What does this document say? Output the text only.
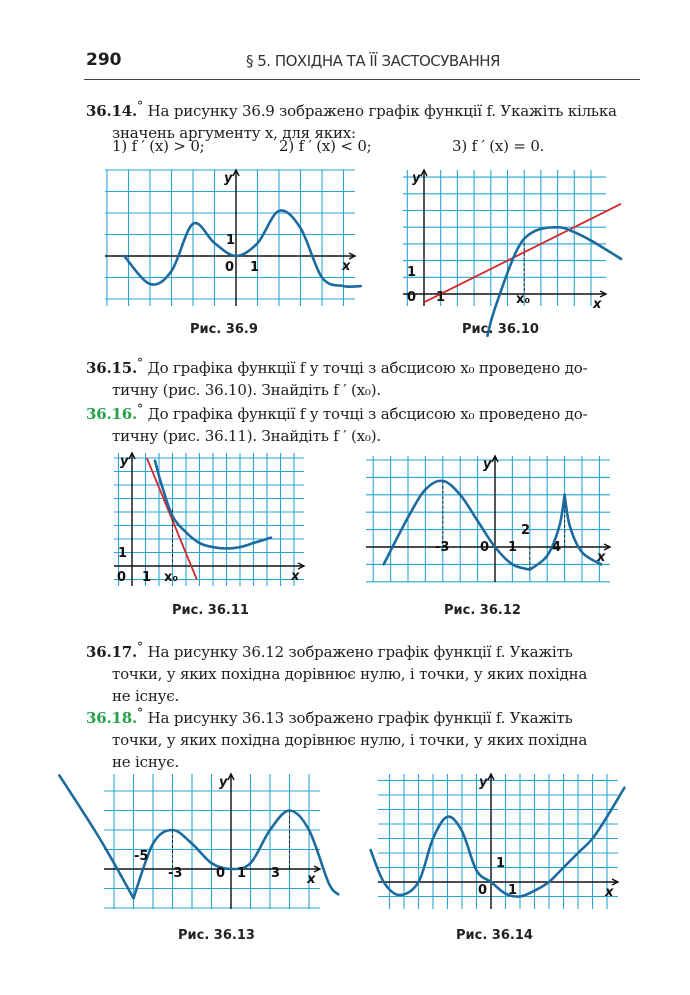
290	§ 5. ПОХІДНА ТА ЇЇ ЗАСТОСУВАННЯ
36.14.° На рисунку 36.9 зображено графік функції f. Укажіть кілька
значень аргументу x, для яких:
1) f ′ (x) > 0;	2) f ′ (x) < 0;	3) f ′ (x) = 0.
x
y
0 1
1
Рис. 36.9
x
y
0 1
1
x₀
Рис. 36.10
36.15.° До графіка функції f у точці з абсцисою x₀ проведено до-
тичну (рис. 36.10). Знайдіть f ′ (x₀).
36.16.° До графіка функції f у точці з абсцисою x₀ проведено до-
тичну (рис. 36.11). Знайдіть f ′ (x₀).
x
y
0 1
1
x₀
Рис. 36.11
x
y
-3 0 1
2
4
Рис. 36.12
36.17.° На рисунку 36.12 зображено графік функції f. Укажіть
точки, у яких похідна дорівнює нулю, і точки, у яких похідна
не існує.
36.18.° На рисунку 36.13 зображено графік функції f. Укажіть
точки, у яких похідна дорівнює нулю, і точки, у яких похідна
не існує.
x
y
-5
-3	0 1 3
Рис. 36.13
x
y
0 1
1
Рис. 36.14
